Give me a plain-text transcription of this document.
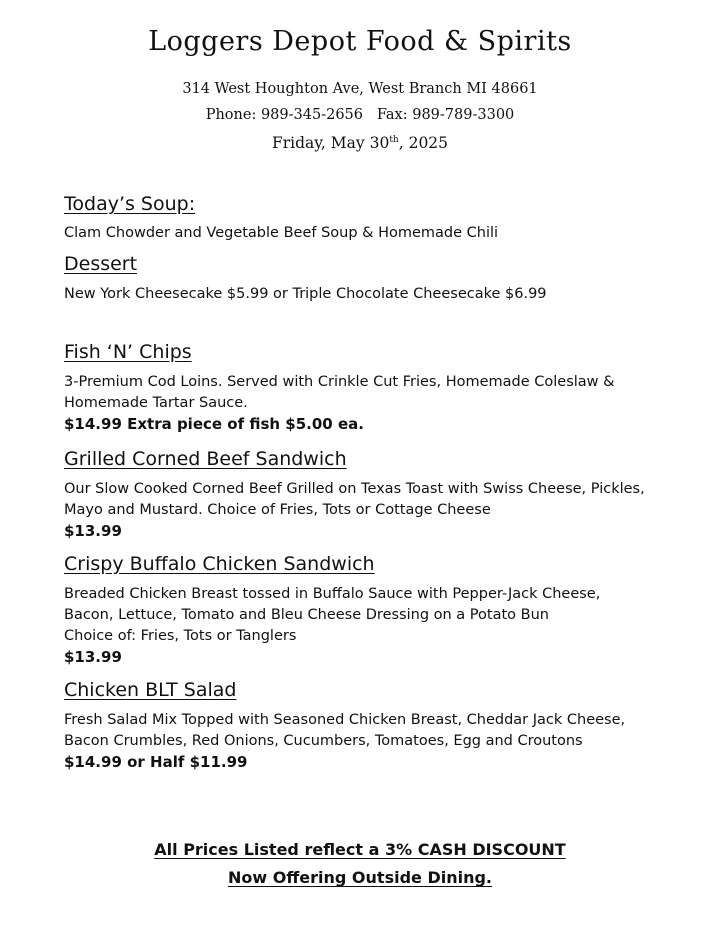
Loggers Depot Food & Spirits
314 West Houghton Ave, West Branch MI 48661
Phone: 989-345-2656   Fax: 989-789-3300
Friday, May 30th, 2025

Today’s Soup:

Clam Chowder and Vegetable Beef Soup & Homemade Chili

Dessert

New York Cheesecake $5.99 or Triple Chocolate Cheesecake $6.99

Fish ‘N’ Chips

3-Premium Cod Loins. Served with Crinkle Cut Fries, Homemade Coleslaw &

Homemade Tartar Sauce.

$14.99 Extra piece of fish $5.00 ea.

Grilled Corned Beef Sandwich

Our Slow Cooked Corned Beef Grilled on Texas Toast with Swiss Cheese, Pickles,

Mayo and Mustard. Choice of Fries, Tots or Cottage Cheese

$13.99

Crispy Buffalo Chicken Sandwich

Breaded Chicken Breast tossed in Buffalo Sauce with Pepper-Jack Cheese,

Bacon, Lettuce, Tomato and Bleu Cheese Dressing on a Potato Bun

Choice of: Fries, Tots or Tanglers

$13.99

Chicken BLT Salad

Fresh Salad Mix Topped with Seasoned Chicken Breast, Cheddar Jack Cheese,

Bacon Crumbles, Red Onions, Cucumbers, Tomatoes, Egg and Croutons

$14.99 or Half $11.99

All Prices Listed reflect a 3% CASH DISCOUNT
Now Offering Outside Dining.
